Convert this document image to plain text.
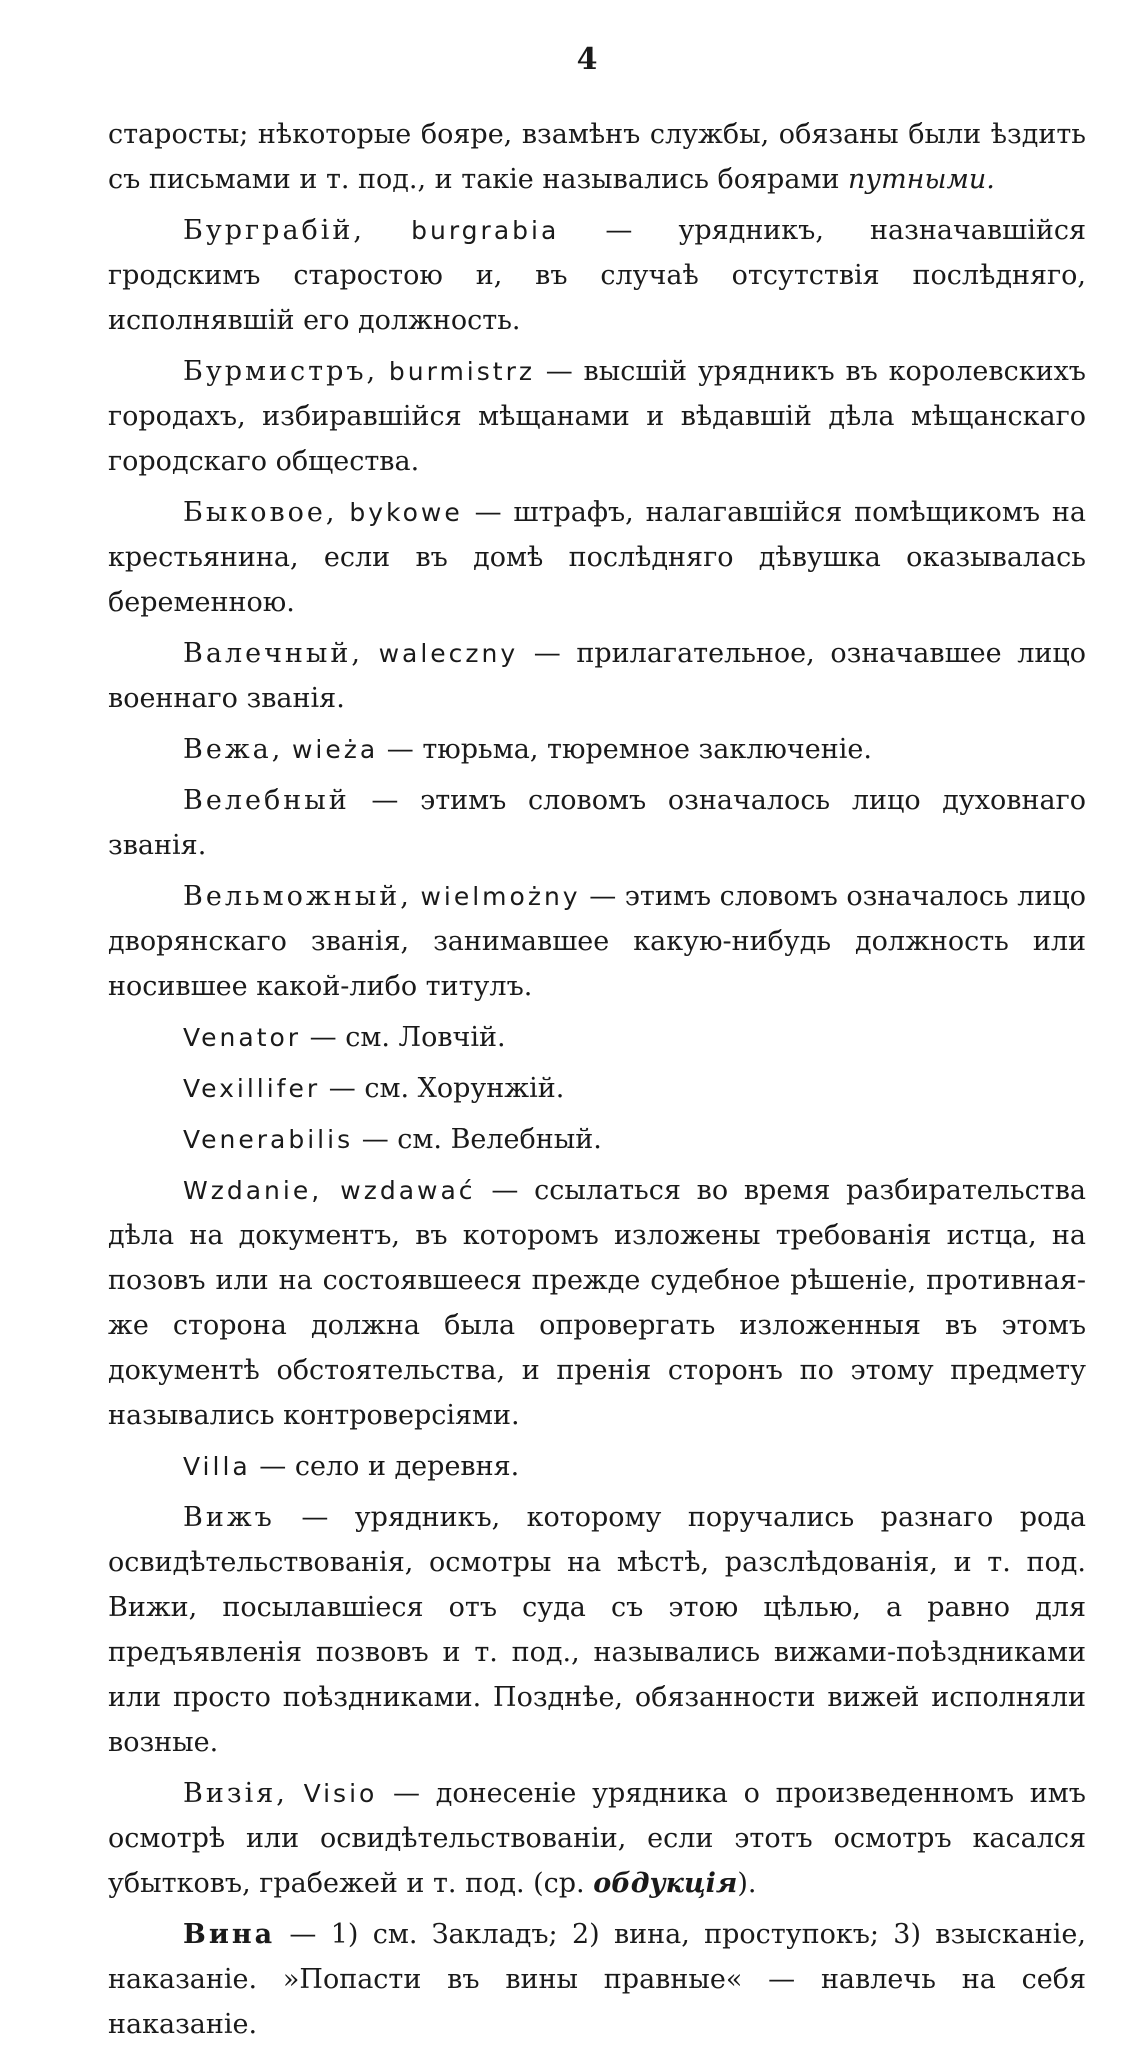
4

старосты; нѣкоторые бояре, взамѣнъ службы, обязаны были ѣздить съ письмами и т. под., и такіе назывались боярами путными.

Бурграбій, burgrabia — урядникъ, назначавшійся гродскимъ старостою и, въ случаѣ отсутствія послѣдняго, исполнявшій его должность.

Бурмистръ, burmistrz — высшій урядникъ въ королевскихъ городахъ, избиравшійся мѣщанами и вѣдавшій дѣла мѣщанскаго городскаго общества.

Быковое, bykowe — штрафъ, налагавшійся помѣщикомъ на крестьянина, если въ домѣ послѣдняго дѣвушка оказывалась беременною.

Валечный, waleczny — прилагательное, означавшее лицо военнаго званія.

Вежа, wieża — тюрьма, тюремное заключеніе.

Велебный — этимъ словомъ означалось лицо духовнаго званія.

Вельможный, wielmożny — этимъ словомъ означалось лицо дворянскаго званія, занимавшее какую-нибудь должность или носившее какой-либо титулъ.

Venator — см. Ловчій.

Vexillifer — см. Хорунжій.

Venerabilis — см. Велебный.

Wzdanie, wzdawać — ссылаться во время разбирательства дѣла на документъ, въ которомъ изложены требованія истца, на позовъ или на состоявшееся прежде судебное рѣшеніе, противная-же сторона должна была опровергать изложенныя въ этомъ документѣ обстоятельства, и пренія сторонъ по этому предмету назывались контроверсіями.

Villa — село и деревня.

Вижъ — урядникъ, которому поручались разнаго рода освидѣтельствованія, осмотры на мѣстѣ, разслѣдованія, и т. под. Вижи, посылавшіеся отъ суда съ этою цѣлью, а равно для предъявленія позвовъ и т. под., назывались вижами-поѣздниками или просто поѣздниками. Позднѣе, обязанности вижей исполняли возные.

Визія, Visio — донесеніе урядника о произведенномъ имъ осмотрѣ или освидѣтельствованіи, если этотъ осмотръ касался убытковъ, грабежей и т. под. (ср. обдукція).

Вина — 1) см. Закладъ; 2) вина, проступокъ; 3) взысканіе, наказаніе. »Попасти въ вины правные« — навлечь на себя наказаніе.
